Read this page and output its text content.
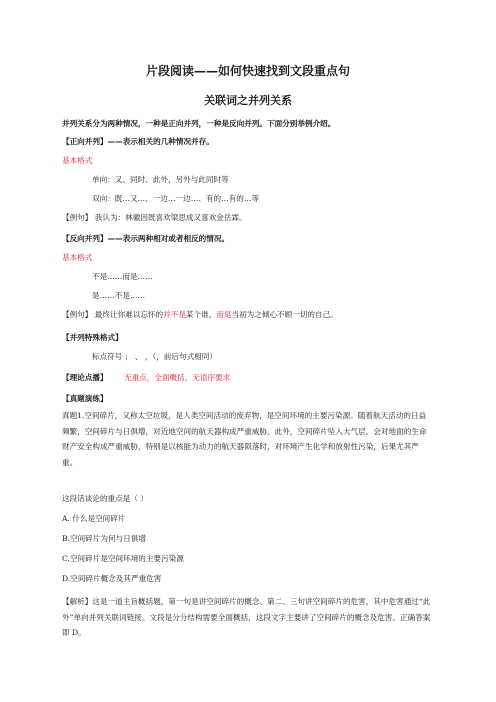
片段阅读——如何快速找到文段重点句
关联词之并列关系
并列关系分为两种情况，一种是正向并列，一种是反向并列。下面分别举例介绍。
【正向并列】——表示相关的几种情况并存。
基本格式
单向：又、同时、此外、另外与此同时等
双向：既…又…、一边…一边…、有的…有的…等
【例句】 我认为：林徽因既喜欢梁思成又喜欢金岳霖。
【反向并列】——表示两种相对或者相反的情况。
基本格式
不是……而是……
是……不是……
【例句】 最终让你难以忘怀的并不是某个谁，而是当初为之倾心不顾一切的自己。
【并列特殊格式】
标点符号 ； 、 ，（，前后句式相同）
【理论点播】 无重点，全面概括，无语序要求
【真题演练】
真题1.空间碎片，又称太空垃圾，是人类空间活动的废弃物，是空间环境的主要污染源。随着航天活动的日益频繁，空间碎片与日俱增，对近地空间的航天器构成严重威胁。此外，空间碎片坠入大气层，会对地面的生命财产安全构成严重威胁，特别是以核能为动力的航天器陨落时，对环境产生化学和放射性污染，后果尤其严重。
这段话谈论的重点是（ ）
A. 什么是空间碎片
B.空间碎片为何与日俱增
C.空间碎片是空间环境的主要污染源
D.空间碎片概念及其严重危害
【解析】这是一道主旨概括题，第一句是讲空间碎片的概念、第二、三句讲空间碎片的危害，其中危害通过“此外”单向并列关联词链接。文段是分分结构需要全面概括，这段文字主要讲了空间碎片的概念及危害。正确答案即 D。
